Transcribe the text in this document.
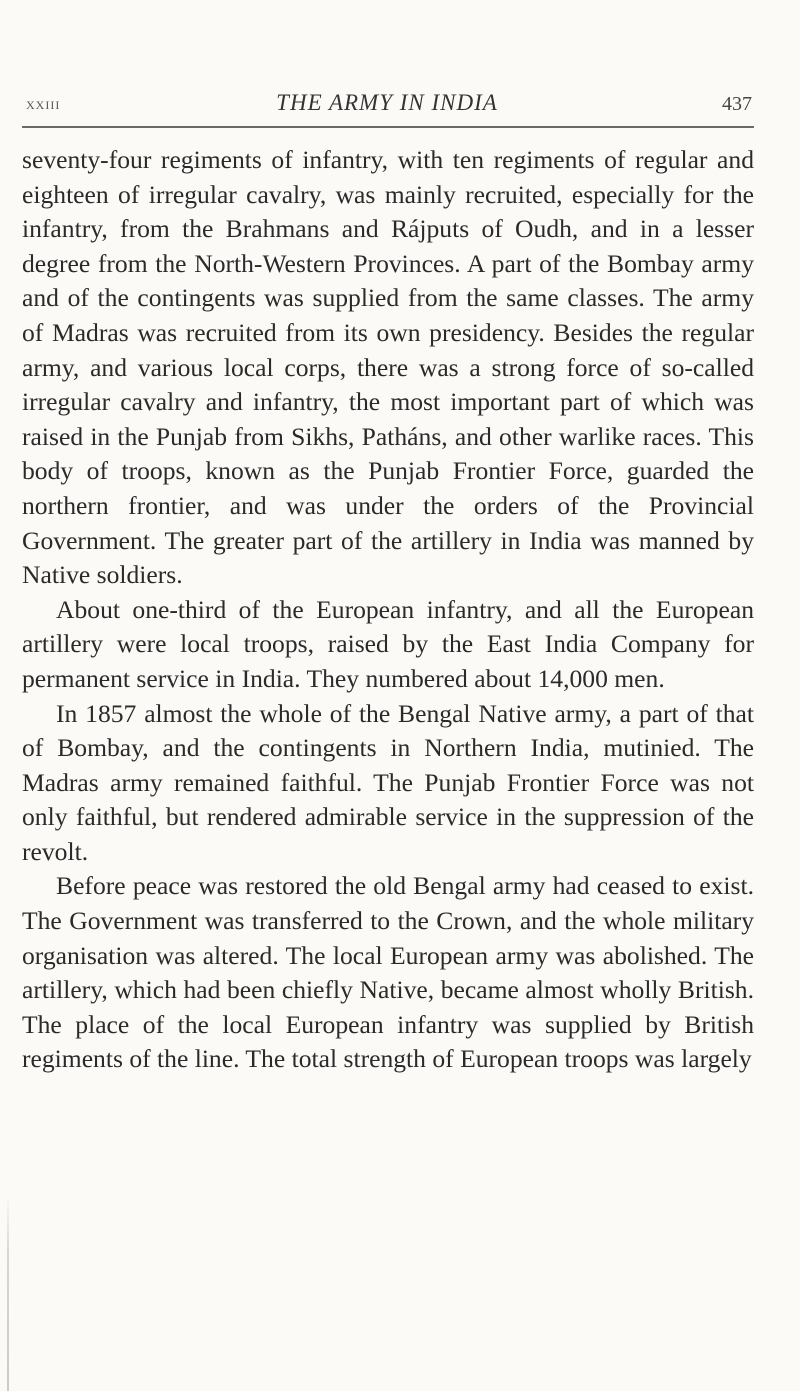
XXIII	THE ARMY IN INDIA	437

seventy-four regiments of infantry, with ten regiments of regular and eighteen of irregular cavalry, was mainly recruited, especially for the infantry, from the Brahmans and Rájputs of Oudh, and in a lesser degree from the North-Western Provinces. A part of the Bombay army and of the contingents was supplied from the same classes. The army of Madras was recruited from its own presidency. Besides the regular army, and various local corps, there was a strong force of so-called irregular cavalry and infantry, the most important part of which was raised in the Punjab from Sikhs, Patháns, and other warlike races. This body of troops, known as the Punjab Frontier Force, guarded the northern frontier, and was under the orders of the Provincial Government. The greater part of the artillery in India was manned by Native soldiers.

About one-third of the European infantry, and all the European artillery were local troops, raised by the East India Company for permanent service in India. They numbered about 14,000 men.

In 1857 almost the whole of the Bengal Native army, a part of that of Bombay, and the contingents in Northern India, mutinied. The Madras army remained faithful. The Punjab Frontier Force was not only faithful, but rendered admirable service in the suppression of the revolt.

Before peace was restored the old Bengal army had ceased to exist. The Government was transferred to the Crown, and the whole military organisation was altered. The local European army was abolished. The artillery, which had been chiefly Native, became almost wholly British. The place of the local European infantry was supplied by British regiments of the line. The total strength of European troops was largely
